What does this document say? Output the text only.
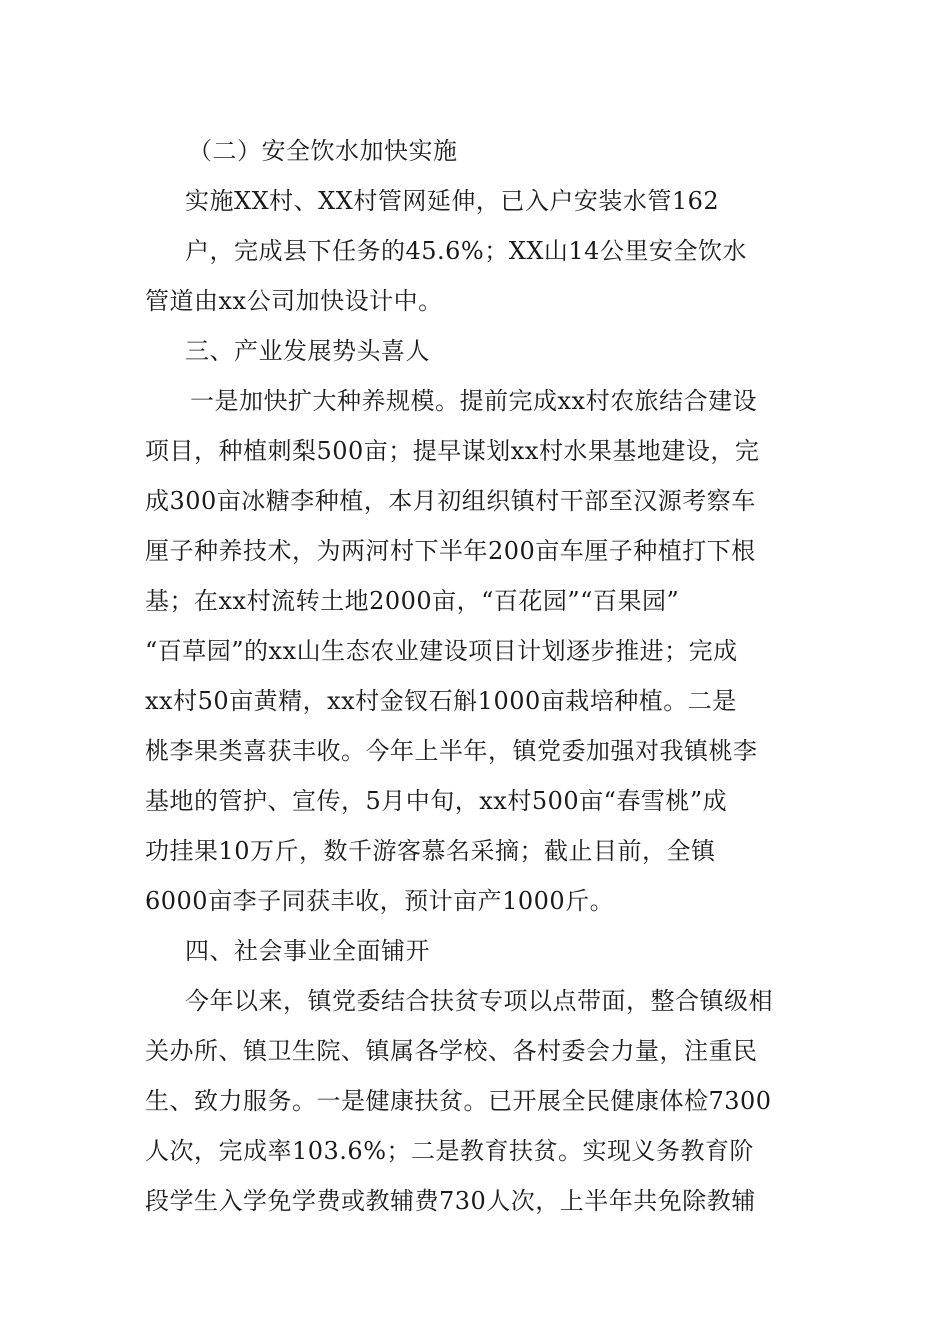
（二）安全饮水加快实施
实施XX村、XX村管网延伸，已入户安装水管162
户，完成县下任务的45.6%；XX山14公里安全饮水
管道由xx公司加快设计中。
三、产业发展势头喜人
一是加快扩大种养规模。提前完成xx村农旅结合建设
项目，种植刺梨500亩；提早谋划xx村水果基地建设，完
成300亩冰糖李种植，本月初组织镇村干部至汉源考察车
厘子种养技术，为两河村下半年200亩车厘子种植打下根
基；在xx村流转土地2000亩，“百花园”“百果园”
“百草园”的xx山生态农业建设项目计划逐步推进；完成
xx村50亩黄精，xx村金钗石斛1000亩栽培种植。二是
桃李果类喜获丰收。今年上半年，镇党委加强对我镇桃李
基地的管护、宣传，5月中旬，xx村500亩“春雪桃”成
功挂果10万斤，数千游客慕名采摘；截止目前，全镇
6000亩李子同获丰收，预计亩产1000斤。
四、社会事业全面铺开
今年以来，镇党委结合扶贫专项以点带面，整合镇级相
关办所、镇卫生院、镇属各学校、各村委会力量，注重民
生、致力服务。一是健康扶贫。已开展全民健康体检7300
人次，完成率103.6%；二是教育扶贫。实现义务教育阶
段学生入学免学费或教辅费730人次，上半年共免除教辅
